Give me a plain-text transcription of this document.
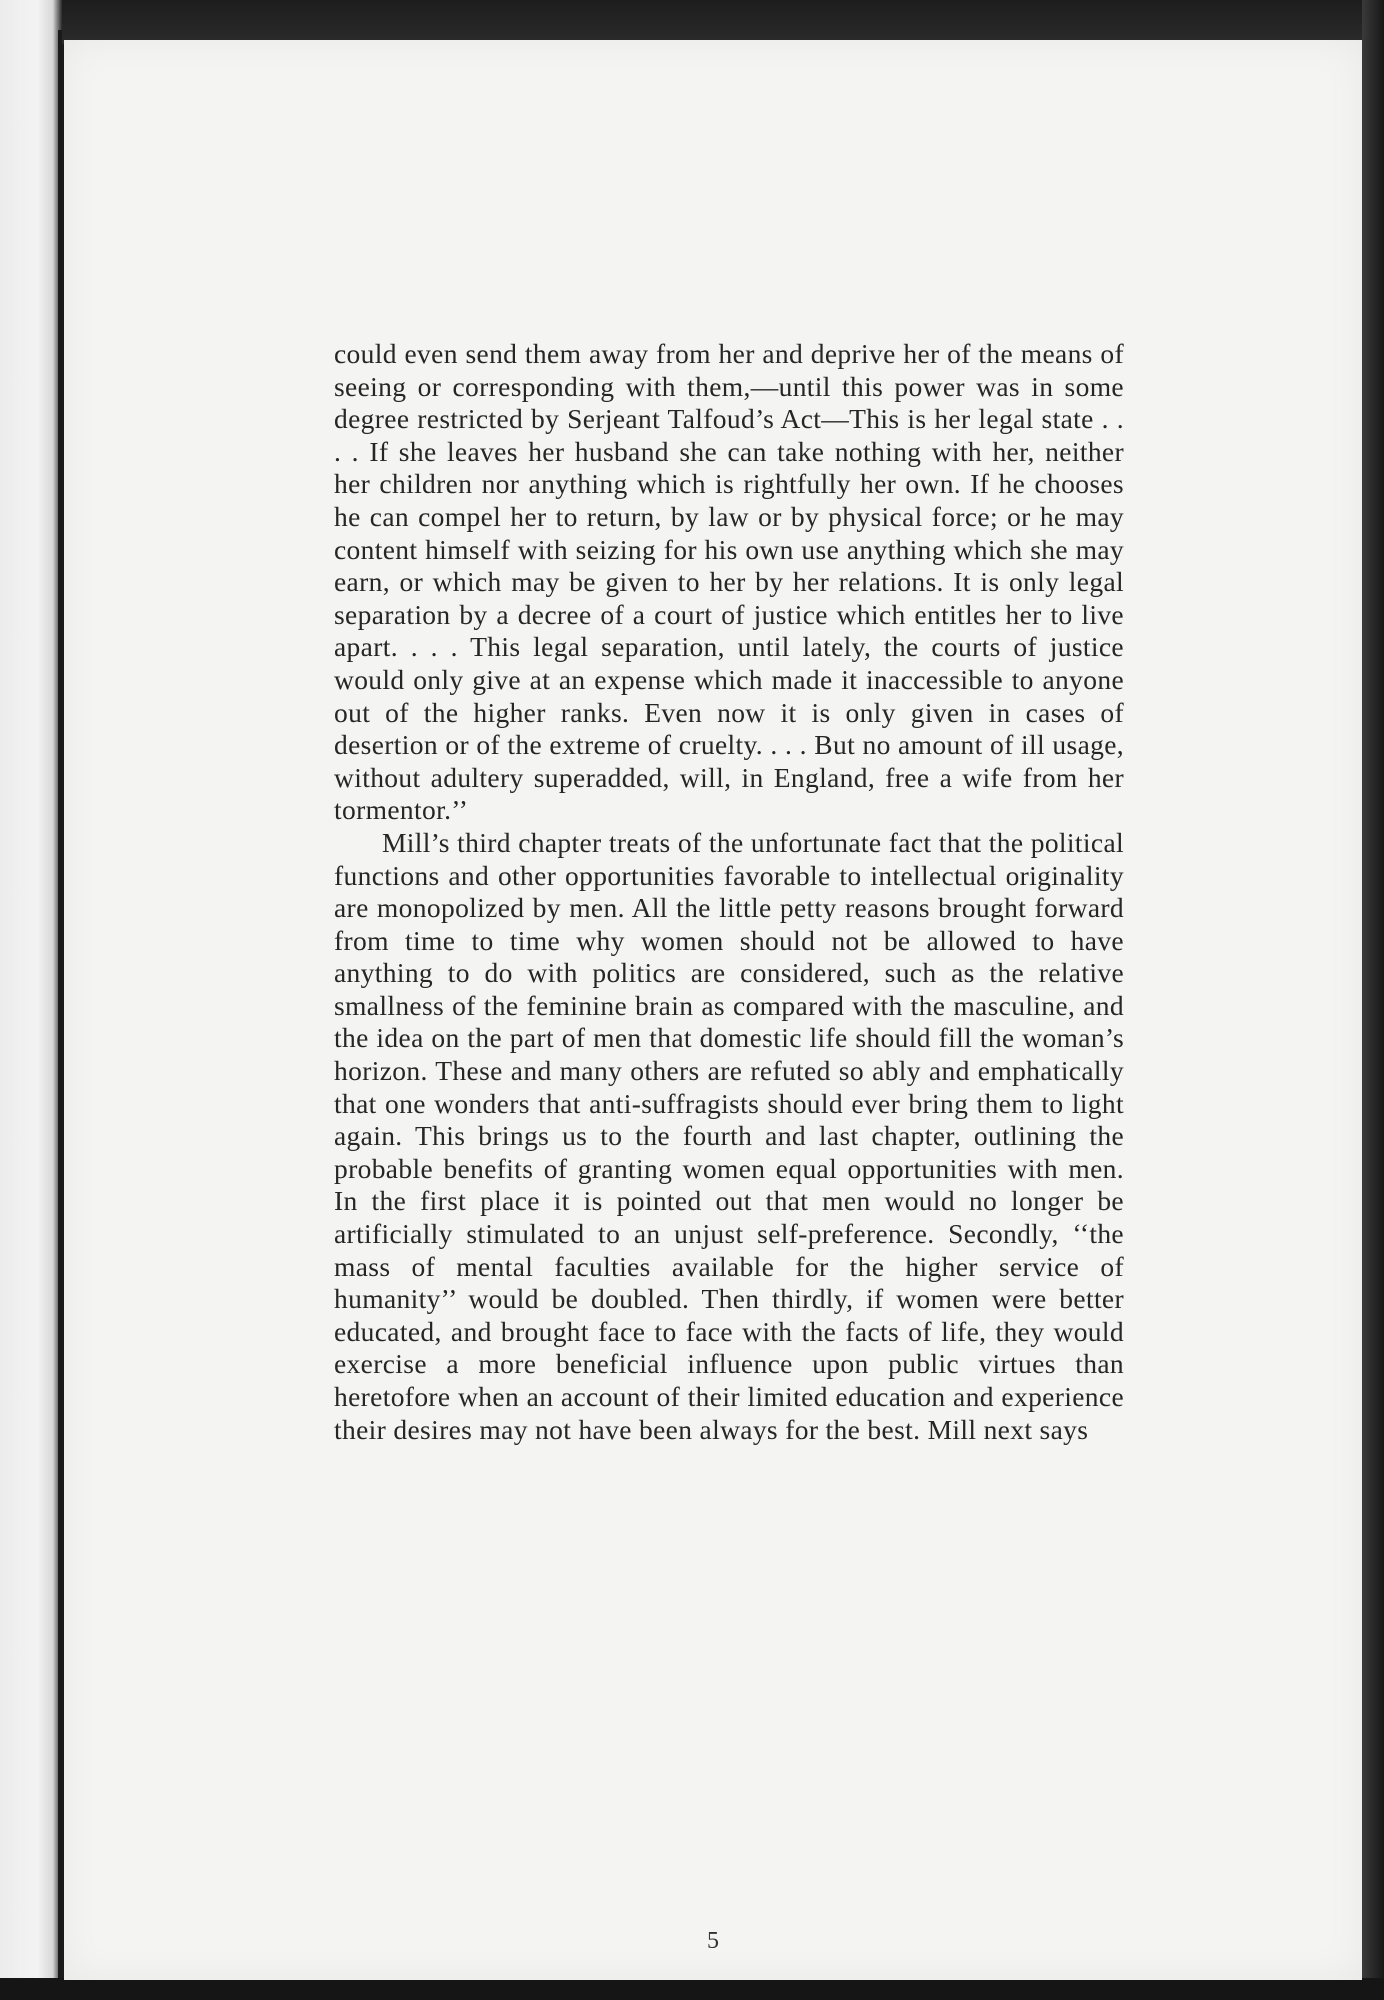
could even send them away from her and deprive her of the means of seeing or corresponding with them,—until this power was in some degree restricted by Serjeant Talfoud’s Act—This is her legal state . . . . If she leaves her husband she can take nothing with her, neither her children nor anything which is rightfully her own. If he chooses he can compel her to return, by law or by physical force; or he may content himself with seizing for his own use anything which she may earn, or which may be given to her by her relations. It is only legal separation by a decree of a court of justice which entitles her to live apart. . . . This legal separation, until lately, the courts of justice would only give at an expense which made it inaccessible to anyone out of the higher ranks. Even now it is only given in cases of desertion or of the extreme of cruelty. . . . But no amount of ill usage, without adultery superadded, will, in England, free a wife from her tormentor.’’

Mill’s third chapter treats of the unfortunate fact that the political functions and other opportunities favorable to intellectual originality are monopolized by men. All the little petty reasons brought forward from time to time why women should not be allowed to have anything to do with politics are considered, such as the relative smallness of the feminine brain as compared with the masculine, and the idea on the part of men that domestic life should fill the woman’s horizon. These and many others are refuted so ably and emphatically that one wonders that anti-suffragists should ever bring them to light again. This brings us to the fourth and last chapter, outlining the probable benefits of granting women equal opportunities with men. In the first place it is pointed out that men would no longer be artificially stimulated to an unjust self-preference. Secondly, ‘‘the mass of mental faculties available for the higher service of humanity’’ would be doubled. Then thirdly, if women were better educated, and brought face to face with the facts of life, they would exercise a more beneficial influence upon public virtues than heretofore when an account of their limited education and experience their desires may not have been always for the best. Mill next says

5
